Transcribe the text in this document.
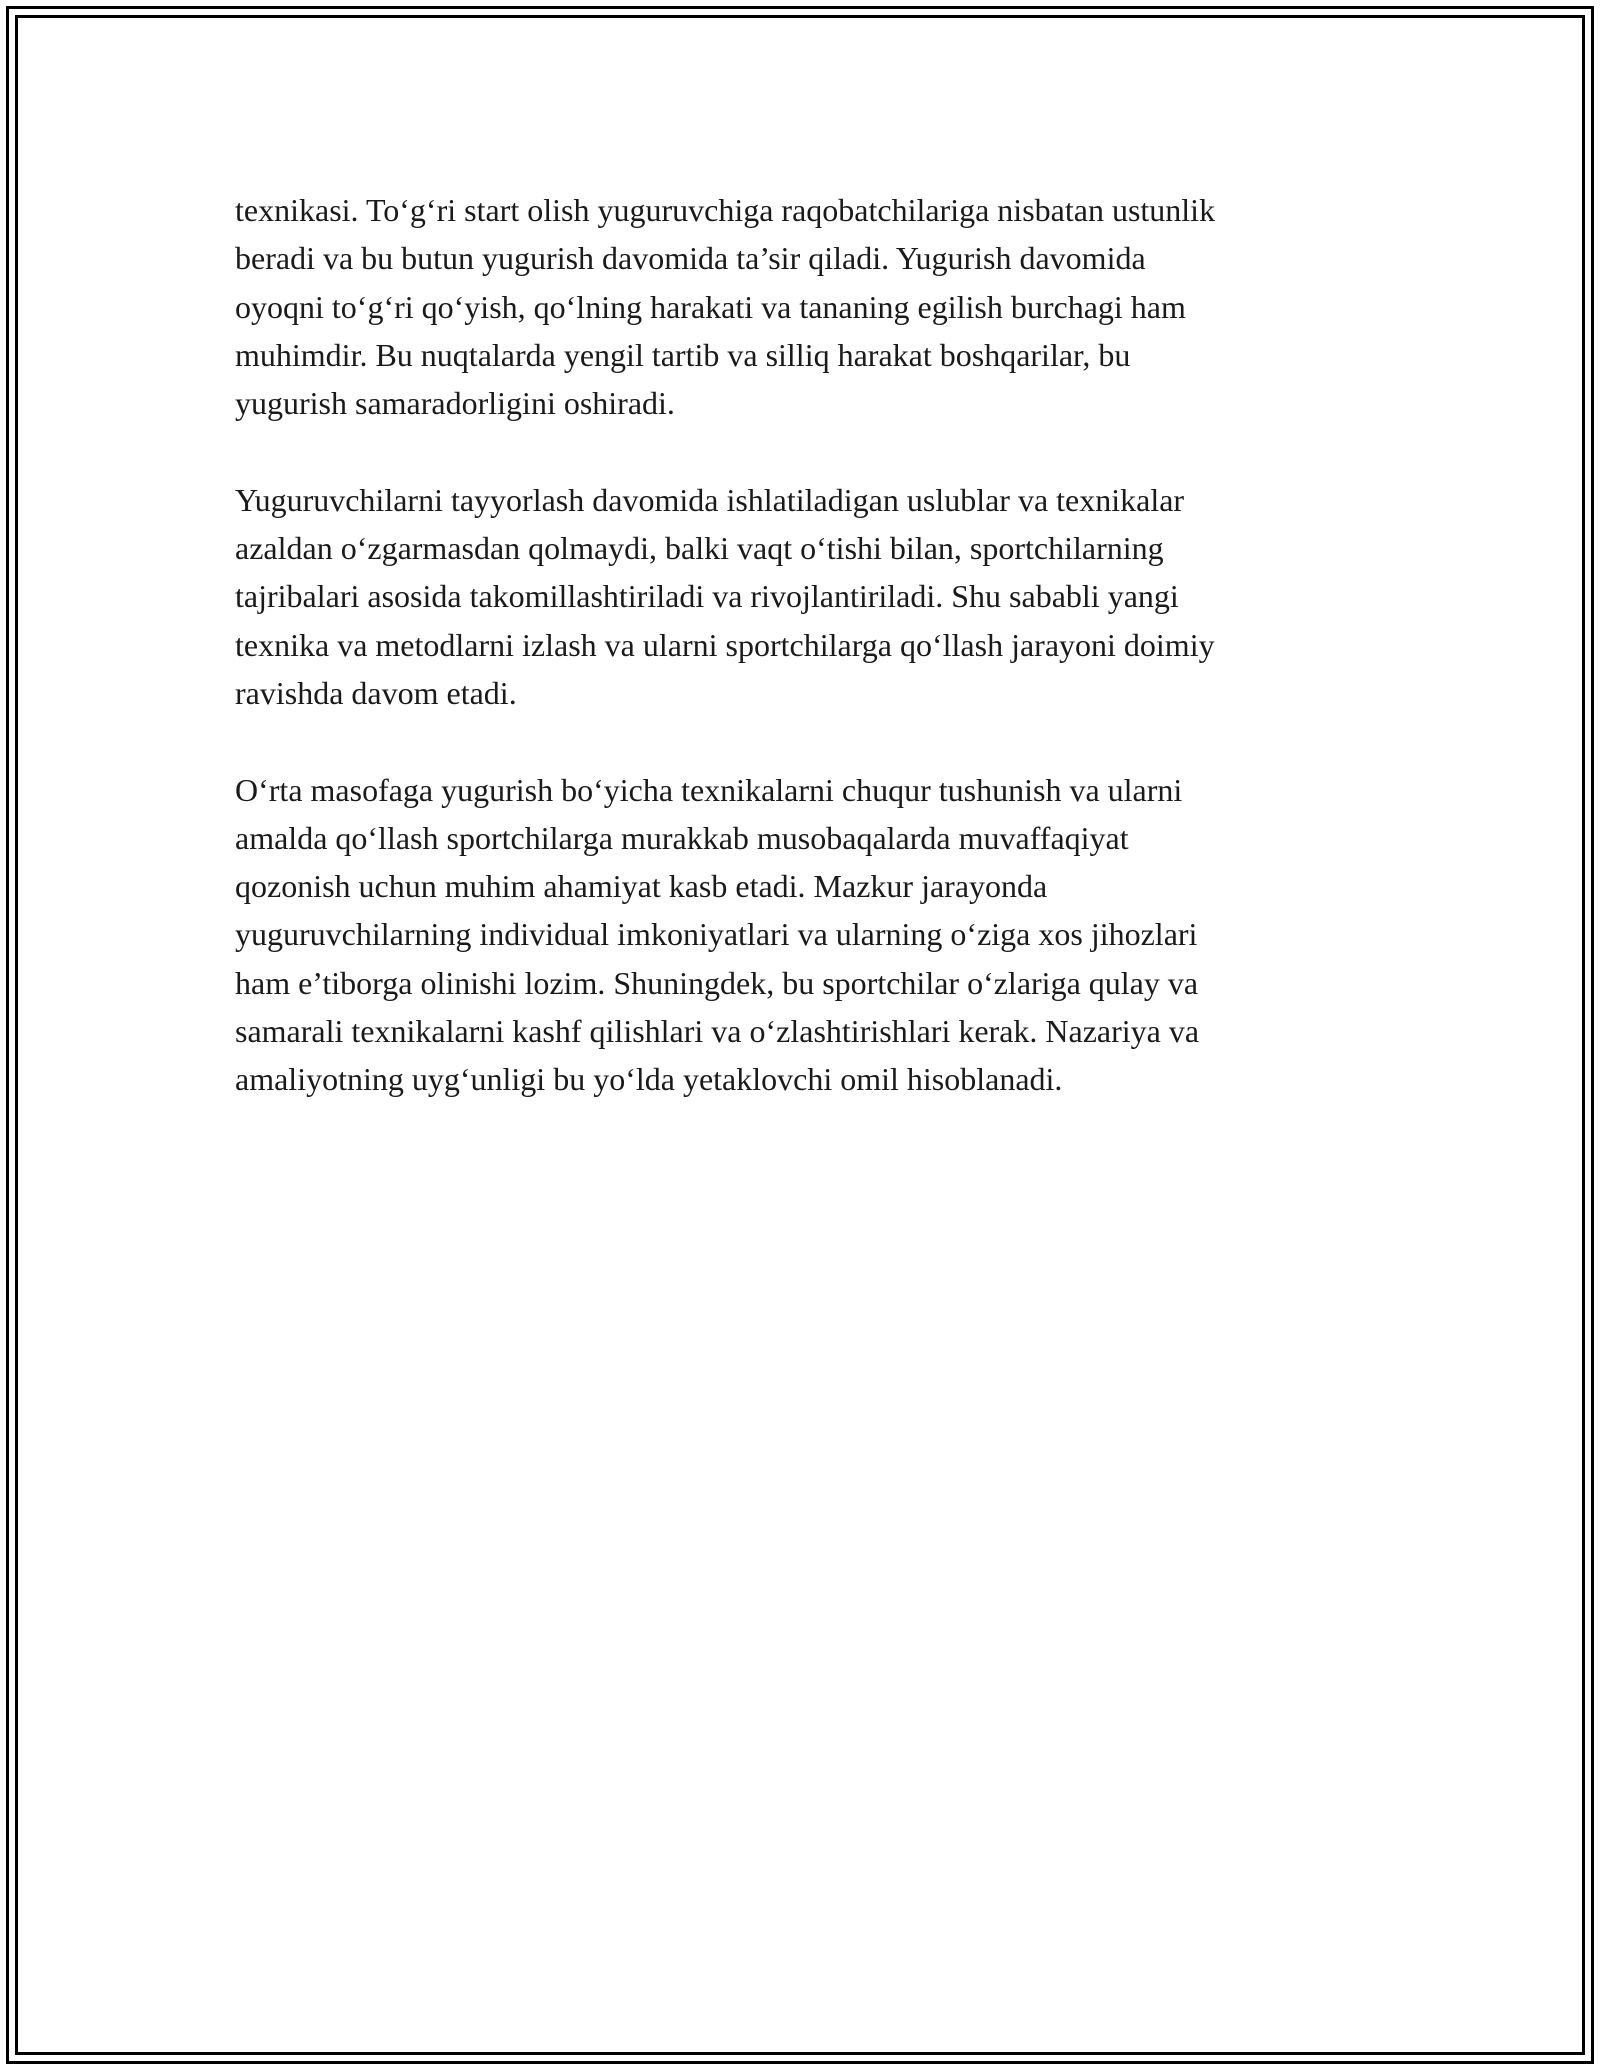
texnikasi. To‘g‘ri start olish yuguruvchiga raqobatchilariga nisbatan ustunlik
beradi va bu butun yugurish davomida ta’sir qiladi. Yugurish davomida
oyoqni to‘g‘ri qo‘yish, qo‘lning harakati va tananing egilish burchagi ham
muhimdir. Bu nuqtalarda yengil tartib va silliq harakat boshqarilar, bu
yugurish samaradorligini oshiradi.

Yuguruvchilarni tayyorlash davomida ishlatiladigan uslublar va texnikalar
azaldan o‘zgarmasdan qolmaydi, balki vaqt o‘tishi bilan, sportchilarning
tajribalari asosida takomillashtiriladi va rivojlantiriladi. Shu sababli yangi
texnika va metodlarni izlash va ularni sportchilarga qo‘llash jarayoni doimiy
ravishda davom etadi.

O‘rta masofaga yugurish bo‘yicha texnikalarni chuqur tushunish va ularni
amalda qo‘llash sportchilarga murakkab musobaqalarda muvaffaqiyat
qozonish uchun muhim ahamiyat kasb etadi. Mazkur jarayonda
yuguruvchilarning individual imkoniyatlari va ularning o‘ziga xos jihozlari
ham e’tiborga olinishi lozim. Shuningdek, bu sportchilar o‘zlariga qulay va
samarali texnikalarni kashf qilishlari va o‘zlashtirishlari kerak. Nazariya va
amaliyotning uyg‘unligi bu yo‘lda yetaklovchi omil hisoblanadi.
